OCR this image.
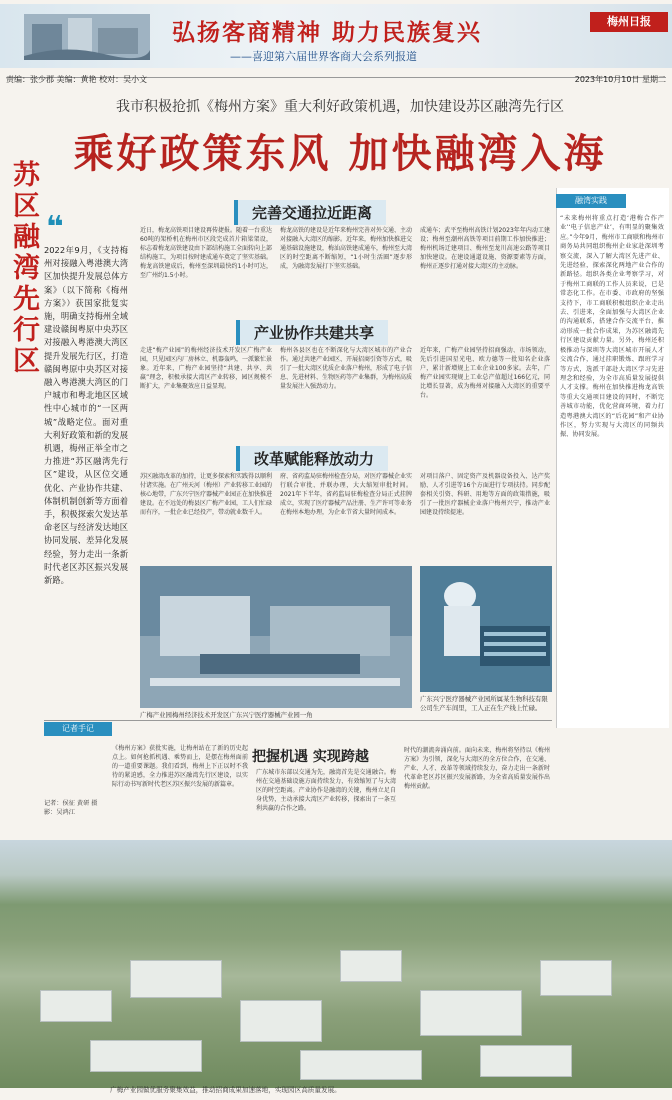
弘扬客商精神 助力民族复兴
——喜迎第六届世界客商大会系列报道
梅州日报
责编：张少郡 美编：黄艳 校对：吴小文	2023年10月10日 星期二
我市积极抢抓《梅州方案》重大利好政策机遇，加快建设苏区融湾先行区
乘好政策东风 加快融湾入海
苏区融湾先行区 ❝
2022年9月，《支持梅州对接融入粤港澳大湾区加快提升发展总体方案》（以下简称《梅州方案》）获国家批复实施，明确支持梅州全域建设赣闽粤原中央苏区对接融入粤港澳大湾区提升发展先行区，打造赣闽粤原中央苏区对接融入粤港澳大湾区的门户城市和粤北地区区域性中心城市的“一区两城”战略定位。面对重大利好政策和新的发展机遇，梅州正举全市之力推进“苏区融湾先行区”建设，从区位交通优化、产业协作共建、体制机制创新等方面着手，积极探索欠发达革命老区与经济发达地区协同发展、差异化发展经验，努力走出一条新时代老区苏区振兴发展新路。
完善交通拉近距离
近日，梅龙高铁项目建设再传捷报。随着一台重达60吨的架桥机在梅州市区段完成首片箱梁架设，标志着梅龙高铁建设由下部结构施工全面转向上部结构施工，为项目按时建成通车奠定了坚实基础。梅龙高铁建成后，梅州至深圳最快约1小时可达，至广州约1.5小时。
梅龙高铁的建设是近年来梅州完善对外交通、主动对接融入大湾区的缩影。近年来，梅州加快推进交通基础设施建设，梅汕高铁建成通车，梅州至大湾区的时空距离不断缩短，“1小时生活圈”逐步形成，为融湾发展打下坚实基础。
成通车；武平至梅州高铁计划2023年年内动工建设；梅州至潮州高铁等项目前期工作加快推进；梅州机场迁建项目、梅州至龙川高速公路等项目加快建设。在建设通道设施、资源要素等方面，梅州正逐步打通对接大湾区的主动脉。
产业协作共建共享
走进“梅产业园”的梅州经济技术开发区广梅产业园，只见园区内厂房林立、机器轰鸣，一派繁忙景象。近年来，广梅产业园坚持“共建、共享、共赢”理念，积极承接大湾区产业转移，园区规模不断扩大，产业集聚效应日益显现。
梅州各县区也在不断深化与大湾区城市的产业合作。通过共建产业园区、开展招商引资等方式，吸引了一批大湾区优质企业落户梅州，形成了电子信息、先进材料、生物医药等产业集群，为梅州高质量发展注入强劲动力。
近年来，广梅产业园坚持招商强动、市场领动，先后引进国星光电、欧力德等一批知名企业落户，累计新增规上工业企业100多家。去年，广梅产业园实现规上工业总产值超过166亿元，同比增长显著，成为梅州对接融入大湾区的重要平台。
改革赋能释放动力
苏区融湾改革的加持，让更多探索和实践得以顺利付诸实施。在广州天河（梅州）产业转移工业园的核心地带，广东兴宁医疗器械产业园正在加快推进建设。在不远处的梅县区广梅产业园，工人们忙碌而有序，一批企业已经投产，带动就业数千人。
府、省药监局驻梅州检查分局，对医疗器械企业实行联合审批、并联办理，大大缩短审批时间。2021年下半年，省药监局驻梅检查分局正式挂牌成立，实现了医疗器械产品注册、生产许可等业务在梅州本地办理，为企业节省大量时间成本。
对项目落户、固定资产及机器设备投入、达产奖励、人才引进等16个方面进行专项扶持。同步配套相关引资、科研、用地等方面的政策措施，吸引了一批医疗器械企业落户梅州兴宁，推动产业园建设持续提速。
广梅产业园梅州经济技术开发区广东兴宁医疗器械产业园一角
广东兴宁医疗器械产业园所属某生物科技有限公司生产车间里，工人正在生产线上忙碌。
融湾实践
“未来梅州将重点打造‘港梅合作产业’‘电子信息产业’，有明显的聚集效应。”今年9月，梅州市工商联和梅州市商务局共同组织梅州企业家赴深圳考察交流，深入了解大湾区先进产业、先进经验，探索深化两地产业合作的新路径。组织各类企业考察学习，对于梅州工商联的工作人员来说，已是常态化工作。在市委、市政府的坚强支持下，市工商联积极组织企业走出去、引进来，全面加强与大湾区企业的沟通联系，搭建合作交流平台，推动形成一批合作成果，为苏区融湾先行区建设贡献力量。另外，梅州还积极推动与深圳等大湾区城市开展人才交流合作，通过挂职锻炼、跟班学习等方式，选派干部赴大湾区学习先进理念和经验，为全市高质量发展提供人才支撑。梅州在加快推进梅龙高铁等重大交通项目建设的同时，不断完善城市功能，优化营商环境，着力打造粤港澳大湾区的“后花园”和产业协作区，努力实现与大湾区的同频共振、协同发展。
记者手记
记者：侯征 黄研 摄影：吴鸿江
《梅州方案》获批实施，让梅州站在了新的历史起点上。如何抢抓机遇、乘势而上，是摆在梅州面前的一道重要课题。我们看到，梅州上下正以时不我待的紧迫感，全力推进苏区融湾先行区建设，以实际行动书写新时代老区苏区振兴发展的新篇章。
把握机遇 实现跨越
广东城市东部以交通为先，融湾首先是交通融合。梅州在交通基础设施方面持续发力，有效缩短了与大湾区的时空距离。产业协作是融湾的关键，梅州立足自身优势，主动承接大湾区产业转移，探索出了一条互利共赢的合作之路。
时代的潮流奔涌向前。面向未来，梅州将坚持以《梅州方案》为引领，深化与大湾区的全方位合作，在交通、产业、人才、改革等领域持续发力，奋力走出一条新时代革命老区苏区振兴发展新路，为全省高质量发展作出梅州贡献。
广梅产业园做优服务聚集效益，推动招商成果加速落地，实现园区高质量发展。
